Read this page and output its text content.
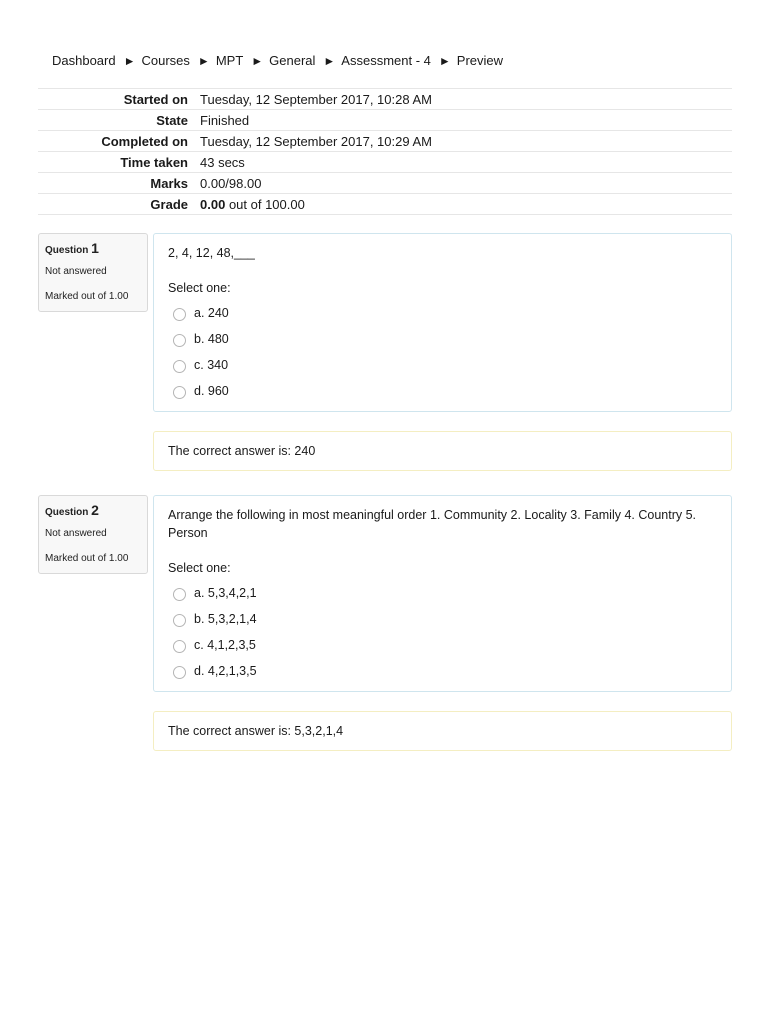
Dashboard ► Courses ► MPT ► General ► Assessment - 4 ► Preview
Started on	Tuesday, 12 September 2017, 10:28 AM
State	Finished
Completed on	Tuesday, 12 September 2017, 10:29 AM
Time taken	43 secs
Marks	0.00/98.00
Grade	0.00 out of 100.00
Question 1
Not answered
Marked out of 1.00
2, 4, 12, 48,___
Select one:
a. 240
b. 480
c. 340
d. 960
The correct answer is: 240
Question 2
Not answered
Marked out of 1.00
Arrange the following in most meaningful order 1. Community 2. Locality 3. Family 4. Country 5. Person
Select one:
a. 5,3,4,2,1
b. 5,3,2,1,4
c. 4,1,2,3,5
d. 4,2,1,3,5
The correct answer is: 5,3,2,1,4
